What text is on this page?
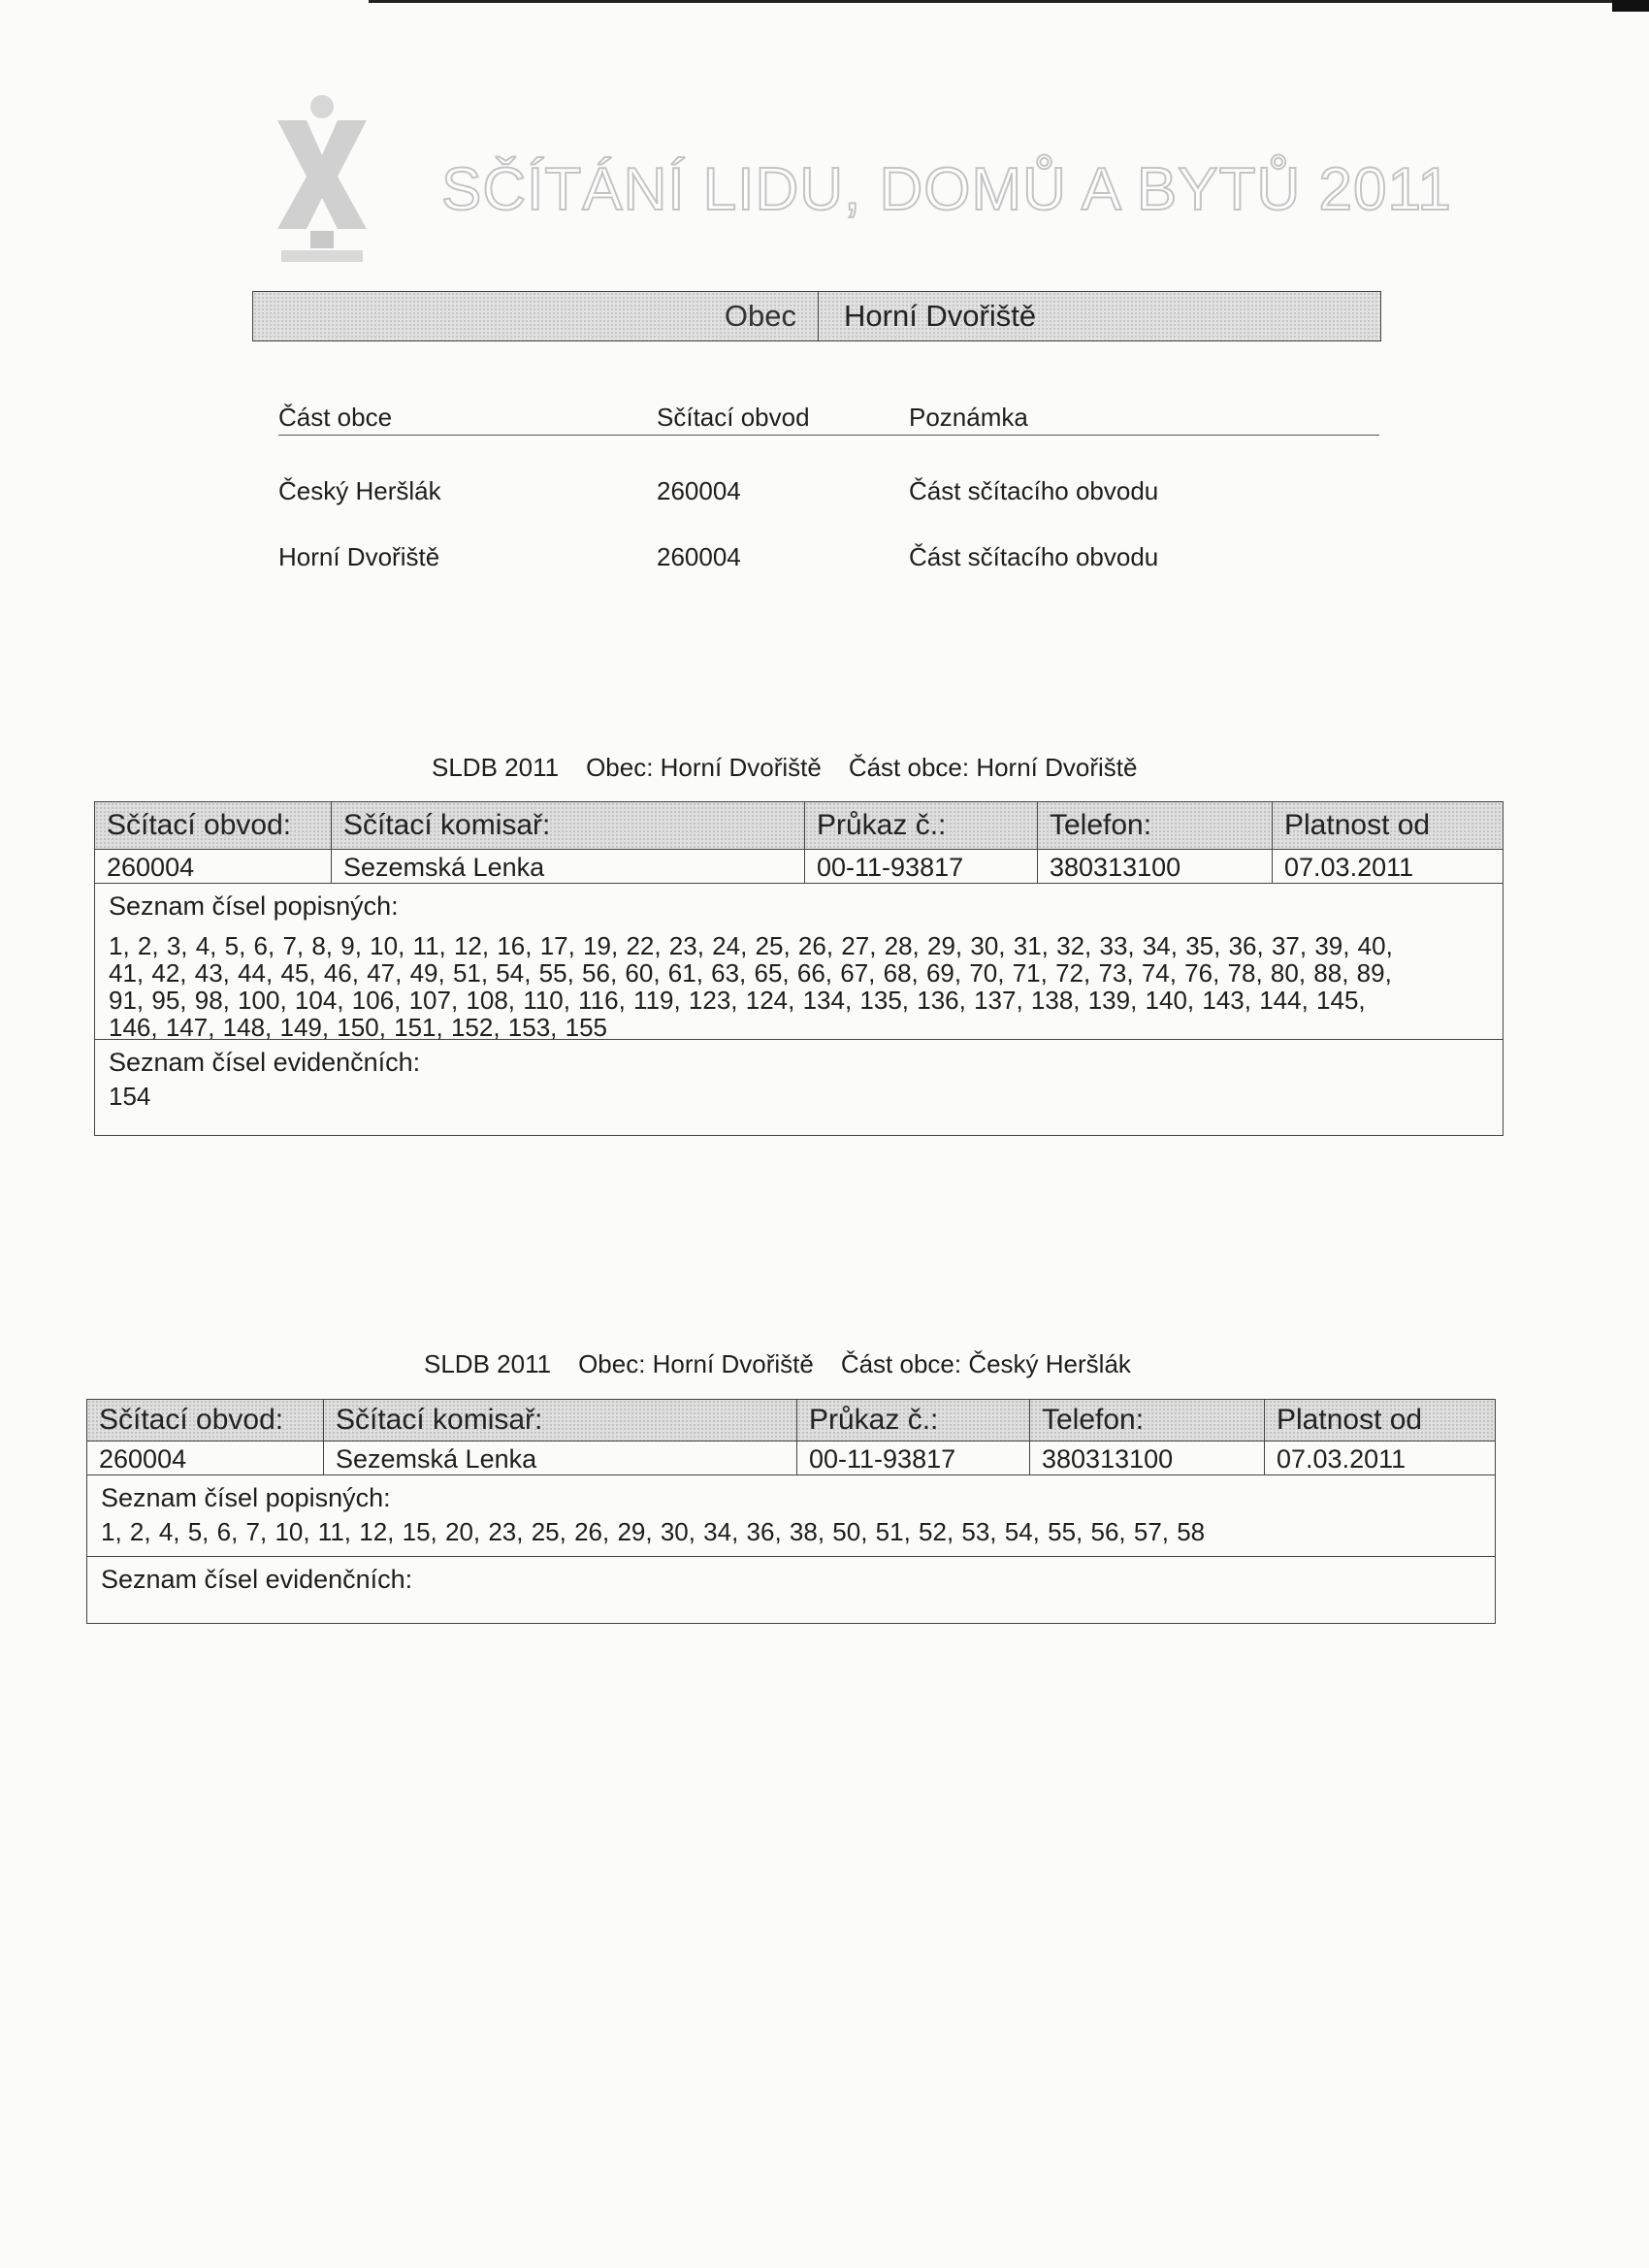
SČÍTÁNÍ LIDU, DOMŮ A BYTŮ 2011
Obec	Horní Dvořiště
Část obce	Sčítací obvod	Poznámka
Český Heršlák	260004	Část sčítacího obvodu
Horní Dvořiště	260004	Část sčítacího obvodu
SLDB 2011 Obec: Horní Dvořiště Část obce: Horní Dvořiště
Sčítací obvod:	Sčítací komisař:	Průkaz č.:	Telefon:	Platnost od
260004	Sezemská Lenka	00-11-93817	380313100	07.03.2011
Seznam čísel popisných:
1, 2, 3, 4, 5, 6, 7, 8, 9, 10, 11, 12, 16, 17, 19, 22, 23, 24, 25, 26, 27, 28, 29, 30, 31, 32, 33, 34, 35, 36, 37, 39, 40,
41, 42, 43, 44, 45, 46, 47, 49, 51, 54, 55, 56, 60, 61, 63, 65, 66, 67, 68, 69, 70, 71, 72, 73, 74, 76, 78, 80, 88, 89,
91, 95, 98, 100, 104, 106, 107, 108, 110, 116, 119, 123, 124, 134, 135, 136, 137, 138, 139, 140, 143, 144, 145,
146, 147, 148, 149, 150, 151, 152, 153, 155
Seznam čísel evidenčních:
154
SLDB 2011 Obec: Horní Dvořiště Část obce: Český Heršlák
Sčítací obvod:	Sčítací komisař:	Průkaz č.:	Telefon:	Platnost od
260004	Sezemská Lenka	00-11-93817	380313100	07.03.2011
Seznam čísel popisných:
1, 2, 4, 5, 6, 7, 10, 11, 12, 15, 20, 23, 25, 26, 29, 30, 34, 36, 38, 50, 51, 52, 53, 54, 55, 56, 57, 58
Seznam čísel evidenčních:
